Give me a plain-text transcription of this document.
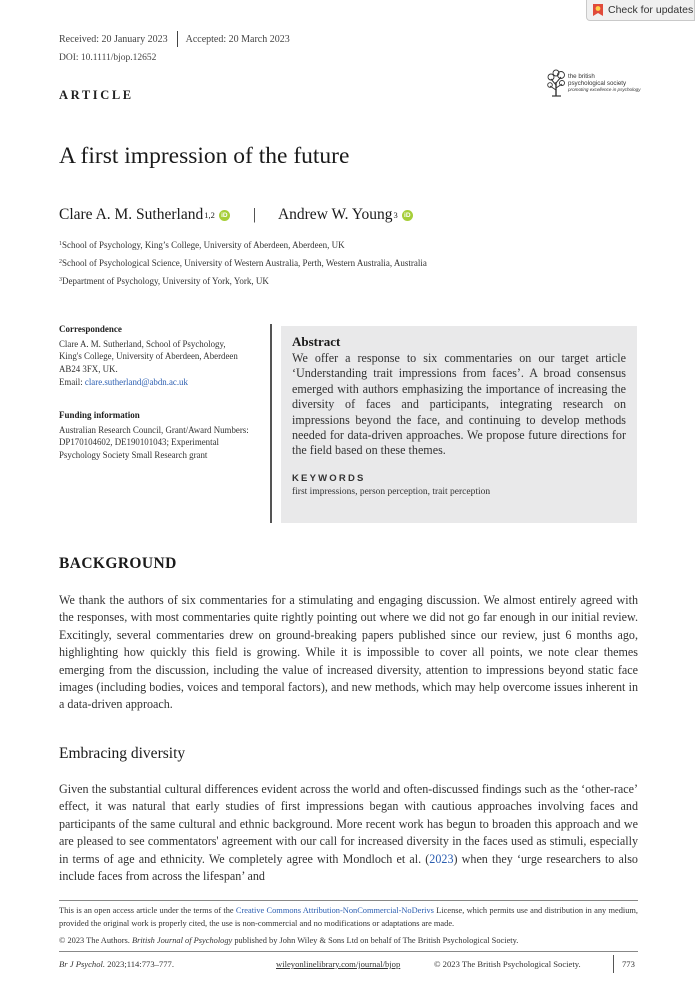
Check for updates
Received: 20 January 2023 Accepted: 20 March 2023
DOI: 10.1111/bjop.12652
ARTICLE
the british
psychological society
promoting excellence in psychology
A first impression of the future
Clare A. M. Sutherland 1,2 iD | Andrew W. Young 3 iD
$^1$School of Psychology, King’s College, University of Aberdeen, Aberdeen, UK
$^2$School of Psychological Science, University of Western Australia, Perth, Western Australia, Australia
$^3$Department of Psychology, University of York, York, UK
Correspondence
Clare A. M. Sutherland, School of Psychology,
King's College, University of Aberdeen, Aberdeen
AB24 3FX, UK.
Email: clare.sutherland@abdn.ac.uk
Funding information
Australian Research Council, Grant/Award Numbers:
DP170104602, DE190101043; Experimental
Psychology Society Small Research grant
Abstract

We offer a response to six commentaries on our target article ‘Understanding trait impressions from faces’. A broad consensus emerged with authors emphasizing the importance of increasing the diversity of faces and participants, integrating research on impressions beyond the face, and continuing to develop methods needed for data-driven approaches. We propose future directions for the field based on these themes.

KEYWORDS
first impressions, person perception, trait perception
BACKGROUND

We thank the authors of six commentaries for a stimulating and engaging discussion. We almost entirely agreed with the responses, with most commentaries quite rightly pointing out where we did not go far enough in our initial review. Excitingly, several commentaries drew on ground-breaking papers published since our review, just 6 months ago, highlighting how quickly this field is growing. While it is impossible to cover all points, we note clear themes emerging from the discussion, including the value of increased diversity, attention to impressions beyond static face images (including bodies, voices and temporal factors), and new methods, which may help overcome issues inherent in a data-driven approach.

Embracing diversity

Given the substantial cultural differences evident across the world and often-discussed findings such as the ‘other-race’ effect, it was natural that early studies of first impressions began with cautious approaches involving faces and participants of the same cultural and ethnic background. More recent work has begun to broaden this approach and we are pleased to see commentators' agreement with our call for increased diversity in the faces used as stimuli, especially in terms of age and ethnicity. We completely agree with Mondloch et al. (2023) when they ‘urge researchers to also include faces from across the lifespan’ and

This is an open access article under the terms of the Creative Commons Attribution-NonCommercial-NoDerivs License, which permits use and distribution in any medium, provided the original work is properly cited, the use is non-commercial and no modifications or adaptations are made.

© 2023 The Authors. British Journal of Psychology published by John Wiley & Sons Ltd on behalf of The British Psychological Society.

Br J Psychol. 2023;114:773–777.	wileyonlinelibrary.com/journal/bjop	© 2023 The British Psychological Society.	773
